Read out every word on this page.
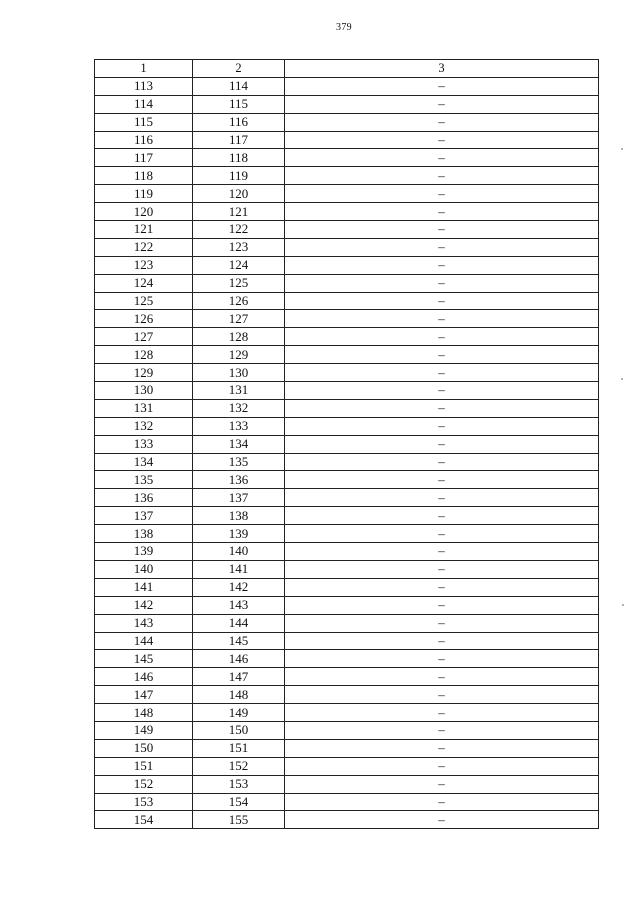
379
1	2	3
113	114	–
114	115	–
115	116	–
116	117	–
117	118	–
118	119	–
119	120	–
120	121	–
121	122	–
122	123	–
123	124	–
124	125	–
125	126	–
126	127	–
127	128	–
128	129	–
129	130	–
130	131	–
131	132	–
132	133	–
133	134	–
134	135	–
135	136	–
136	137	–
137	138	–
138	139	–
139	140	–
140	141	–
141	142	–
142	143	–
143	144	–
144	145	–
145	146	–
146	147	–
147	148	–
148	149	–
149	150	–
150	151	–
151	152	–
152	153	–
153	154	–
154	155	–
